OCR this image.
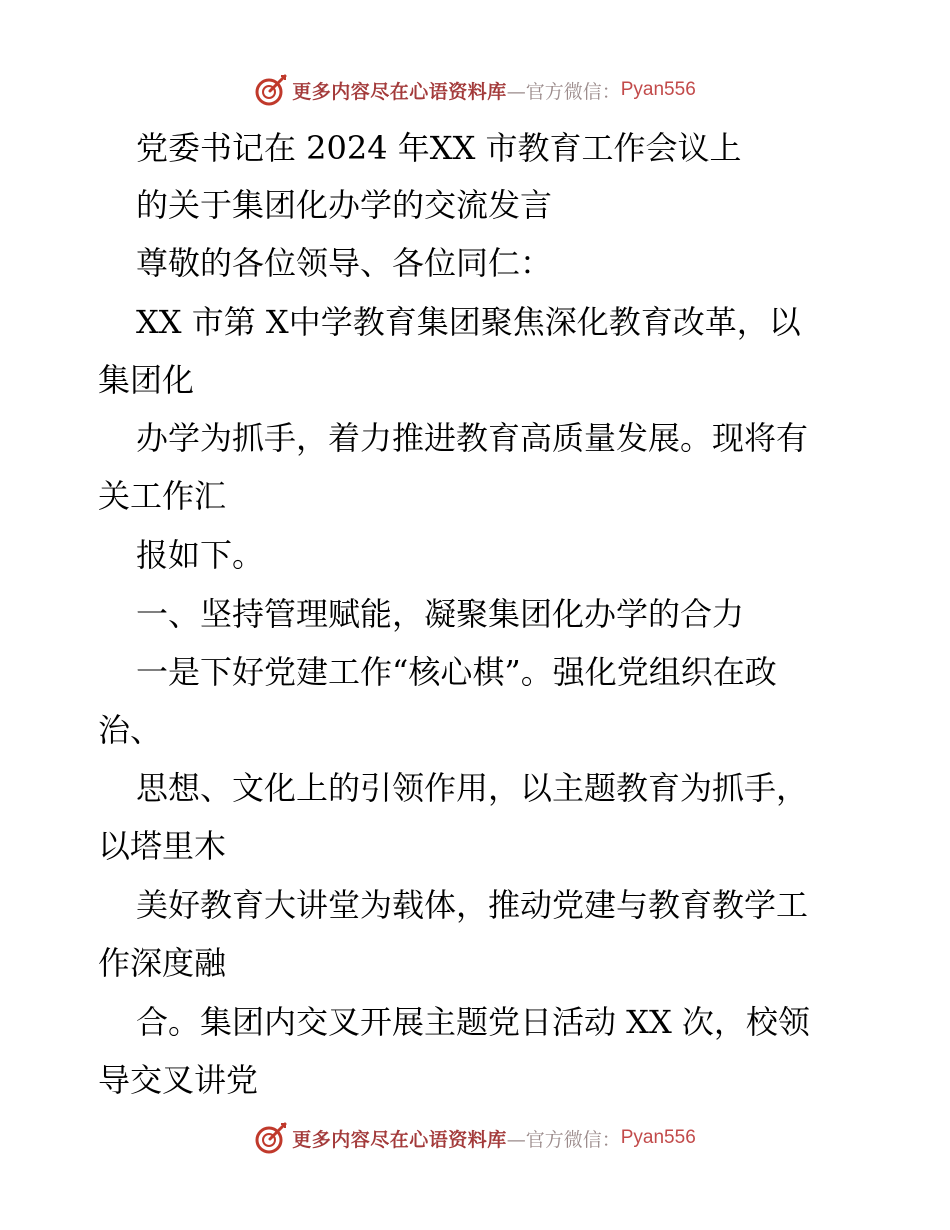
更多内容尽在心语资料库 —官方微信： Pyan556
党委书记在 2024 年XX 市教育工作会议上
的关于集团化办学的交流发言
尊敬的各位领导、各位同仁：
XX 市第 X中学教育集团聚焦深化教育改革，以
集团化
办学为抓手，着力推进教育高质量发展。现将有
关工作汇
报如下。
一、坚持管理赋能，凝聚集团化办学的合力
一是下好党建工作“核心棋”。强化党组织在政
治、
思想、文化上的引领作用，以主题教育为抓手，
以塔里木
美好教育大讲堂为载体，推动党建与教育教学工
作深度融
合。集团内交叉开展主题党日活动 XX 次，校领
导交叉讲党
更多内容尽在心语资料库 —官方微信： Pyan556
